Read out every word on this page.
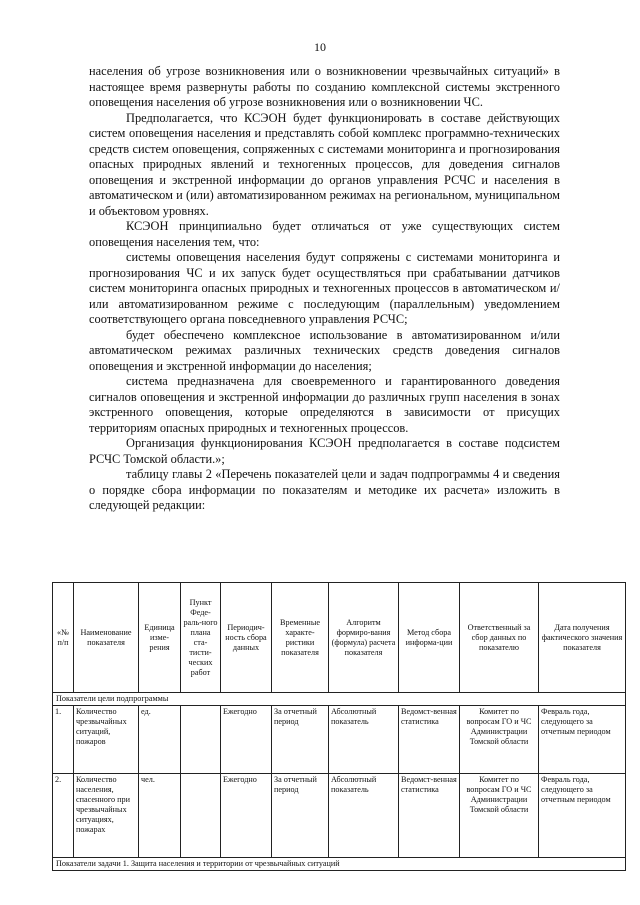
10

населения об угрозе возникновения или о возникновении чрезвычайных ситуаций» в настоящее время развернуты работы по созданию комплексной системы экстренного оповещения населения об угрозе возникновения или о возникновении ЧС.

Предполагается, что КСЭОН будет функционировать в составе действующих систем оповещения населения и представлять собой комплекс программно-технических средств систем оповещения, сопряженных с системами мониторинга и прогнозирования опасных природных явлений и техногенных процессов, для доведения сигналов оповещения и экстренной информации до органов управления РСЧС и населения в автоматическом и (или) автоматизированном режимах на региональном, муниципальном и объектовом уровнях.

КСЭОН принципиально будет отличаться от уже существующих систем оповещения населения тем, что:

системы оповещения населения будут сопряжены с системами мониторинга и прогнозирования ЧС и их запуск будет осуществляться при срабатывании датчиков систем мониторинга опасных природных и техногенных процессов в автоматическом и/или автоматизированном режиме с последующим (параллельным) уведомлением соответствующего органа повседневного управления РСЧС;

будет обеспечено комплексное использование в автоматизированном и/или автоматическом режимах различных технических средств доведения сигналов оповещения и экстренной информации до населения;

система предназначена для своевременного и гарантированного доведения сигналов оповещения и экстренной информации до различных групп населения в зонах экстренного оповещения, которые определяются в зависимости от присущих территориям опасных природных и техногенных процессов.

Организация функционирования КСЭОН предполагается в составе подсистем РСЧС Томской области.»;

таблицу главы 2 «Перечень показателей цели и задач подпрограммы 4 и сведения о порядке сбора информации по показателям и методике их расчета» изложить в следующей редакции:

«№ п/п	Наименование показателя	Единица изме-рения	Пункт Феде-раль-ного плана ста-тисти-ческих работ	Периодич-ность сбора данных	Временные характе-ристики показателя	Алгоритм формиро-вания (формула) расчета показателя	Метод сбора информа-ции	Ответственный за сбор данных по показателю	Дата получения фактического значения показателя
Показатели цели подпрограммы									
1.	Количество чрезвычайных ситуаций, пожаров	ед.		Ежегодно	За отчетный период	Абсолютный показатель	Ведомст-венная статистика	Комитет по вопросам ГО и ЧС Администрации Томской области	Февраль года, следующего за отчетным периодом
2.	Количество населения, спасенного при чрезвычайных ситуациях, пожарах	чел.		Ежегодно	За отчетный период	Абсолютный показатель	Ведомст-венная статистика	Комитет по вопросам ГО и ЧС Администрации Томской области	Февраль года, следующего за отчетным периодом
Показатели задачи 1. Защита населения и территории от чрезвычайных ситуаций									
